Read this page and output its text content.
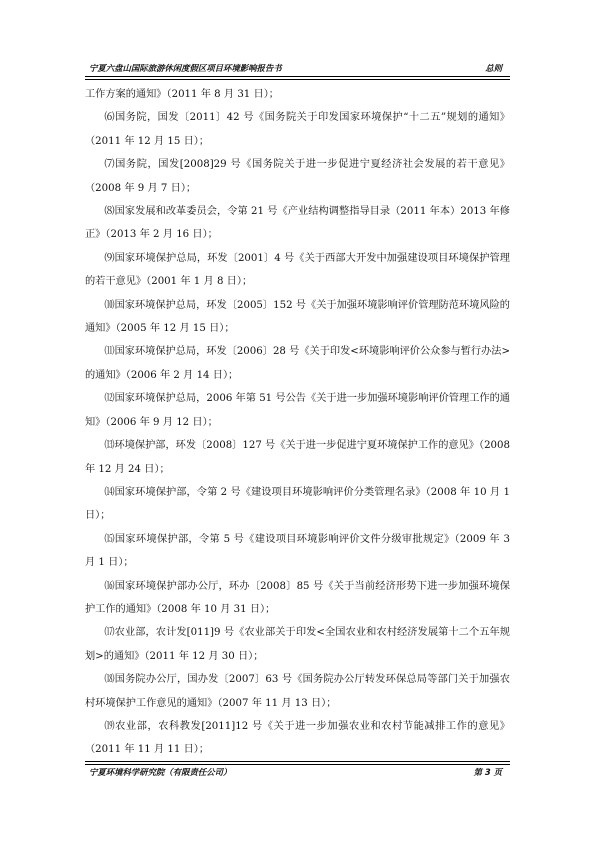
宁夏六盘山国际旅游休闲度假区项目环境影响报告书	总则

工作方案的通知》（2011 年 8 月 31 日）；

⑹国务院，国发〔2011〕42 号《国务院关于印发国家环境保护“十二五”规划的通知》（2011 年 12 月 15 日）；

⑺国务院，国发[2008]29 号《国务院关于进一步促进宁夏经济社会发展的若干意见》（2008 年 9 月 7 日）；

⑻国家发展和改革委员会，令第 21 号《产业结构调整指导目录（2011 年本）2013 年修正》（2013 年 2 月 16 日）；

⑼国家环境保护总局，环发〔2001〕4 号《关于西部大开发中加强建设项目环境保护管理的若干意见》（2001 年 1 月 8 日）；

⑽国家环境保护总局，环发〔2005〕152 号《关于加强环境影响评价管理防范环境风险的通知》（2005 年 12 月 15 日）；

⑾国家环境保护总局，环发〔2006〕28 号《关于印发<环境影响评价公众参与暂行办法>的通知》（2006 年 2 月 14 日）；

⑿国家环境保护总局，2006 年第 51 号公告《关于进一步加强环境影响评价管理工作的通知》（2006 年 9 月 12 日）；

⒀环境保护部，环发〔2008〕127 号《关于进一步促进宁夏环境保护工作的意见》（2008 年 12 月 24 日）；

⒁国家环境保护部，令第 2 号《建设项目环境影响评价分类管理名录》（2008 年 10 月 1 日）；

⒂国家环境保护部，令第 5 号《建设项目环境影响评价文件分级审批规定》（2009 年 3 月 1 日）；

⒃国家环境保护部办公厅，环办〔2008〕85 号《关于当前经济形势下进一步加强环境保护工作的通知》（2008 年 10 月 31 日）；

⒄农业部，农计发[011]9 号《农业部关于印发<全国农业和农村经济发展第十二个五年规划>的通知》（2011 年 12 月 30 日）；

⒅国务院办公厅，国办发〔2007〕63 号《国务院办公厅转发环保总局等部门关于加强农村环境保护工作意见的通知》（2007 年 11 月 13 日）；

⒆农业部，农科教发[2011]12 号《关于进一步加强农业和农村节能减排工作的意见》（2011 年 11 月 11 日）；

宁夏环境科学研究院（有限责任公司）	第 3 页
